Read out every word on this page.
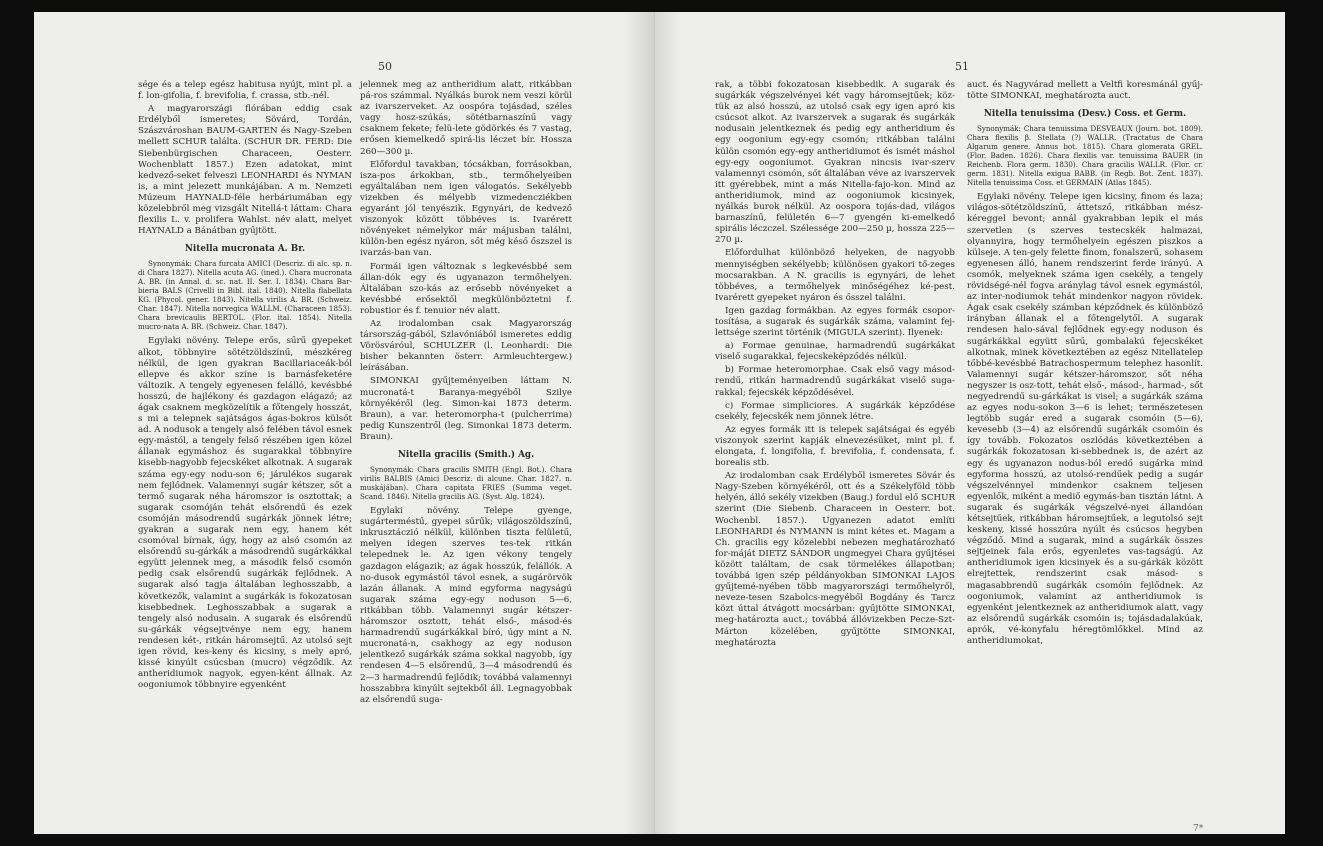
50

sége és a telep egész habitusa nyújt, mint pl. a f. lon-gifolia, f. brevifolia, f. crassa, stb.-nél.

A magyarországi flórában eddig csak Erdélyből ismeretes; Sövárd, Tordán, Szászvároshan BAUM-GARTEN és Nagy-Szeben mellett SCHUR találta. (SCHUR DR. FERD: Die Siebenbürgischen Characeen, Oesterr. Wochenblatt 1857.) Ezen adatokat, mint kedvező-seket felveszi LEONHARDI és NYMAN is, a mint jelezett munkájában. A m. Nemzeti Múzeum HAYNALD-féle herbáriumában egy közelebbről meg vizsgált Nitellá-t láttam: Chara flexilis L. v. prolifera Wahlst. név alatt, melyet HAYNALD a Bánátban gyűjtött.

Nitella mucronata A. Br.

Synonymák: Chara furcata AMICI (Descriz. di alc. sp. n. di Chara 1827). Nitella acuta AG. (ined.). Chara mucronata A. BR. (in Annal. d. sc. nat. II. Ser. I. 1834). Chara Bar-bieria BALS (Crivelli in Bibl. ital. 1840). Nitella flabellata KG. (Phycol. gener. 1843). Nitella virilis A. BR. (Schweiz. Char. 1847). Nitella norvegica WALLM. (Characeen 1853). Chara brevicaulis BERTOL. (Flor. ital. 1854). Nitella mucro-nata A. BR. (Schweiz. Char. 1847).

Egylaki növény. Telepe erős, sűrű gyepeket alkot, többnyire sötétzöldszínű, mészkéreg nélkül, de igen gyakran Bacillariaceák-ból ellepve és akkor színe is barnásfeketére változik. A tengely egyenesen felálló, kevésbbé hosszú, de hajlékony és gazdagon elágazó; az ágak csaknem megközelítik a főtengely hosszát, s mi a telepnek sajátságos ágas-bokros külsőt ad. A nodusok a tengely alsó felében távol esnek egy-mástól, a tengely felső részében igen közel állanak egymáshoz és sugarakkal többnyire kisebb-nagyobb fejecskéket alkotnak. A sugarak száma egy-egy nodu-son 6; járulékos sugarak nem fejlődnek. Valamennyi sugár kétszer, sőt a termő sugarak néha háromszor is osztottak; a sugarak csomóján tehát elsőrendű és ezek csomóján másodrendű sugárkák jönnek létre; gyakran a sugarak nem egy, hanem két csomóval bírnak, úgy, hogy az alsó csomón az elsőrendű su-gárkák a másodrendű sugárkákkal együtt jelennek meg, a második felső csomón pedig csak elsőrendű sugárkák fejlődnek. A sugarak alsó tagja általában leghosszabb, a következők, valamint a sugárkák is fokozatosan kisebbednek. Leghosszabbak a sugarak a tengely alsó nodusain. A sugarak és elsőrendű su-gárkák végsejtvénye nem egy, hanem rendesen két-, ritkán háromsejtű. Az utolsó sejt igen rövid, kes-keny és kicsiny, s mely apró, kissé kinyúlt csúcsban (mucro) végződik. Az antheridiumok nagyok, egyen-ként állnak. Az oogoniumok többnyire egyenként

jelennek meg az antheridium alatt, ritkábban pá-ros számmal. Nyálkás burok nem veszi körül az ivarszerveket. Az oospóra tojásdad, széles vagy hosz-szúkás, sötétbarnaszínű vagy csaknem fekete; felü-lete gödörkés és 7 vastag, erősen kiemelkedő spirá-lis léczet bír. Hossza 260—300 µ.

Előfordul tavakban, tócsákban, forrásokban, isza-pos árkokban, stb., termőhelyeiben egyáltalában nem igen válogatós. Sekélyebb vizekben és mélyebb vizmedencziékben egyaránt jól tenyészik. Egynyári, de kedvező viszonyok között többéves is. Ivarérett növényeket némelykor már májusban találni, külön-ben egész nyáron, sőt még késő őszszel is ivarzás-ban van.

Formái igen változnak s legkevésbbé sem állan-dók egy és ugyanazon termőhelyen. Általában szo-kás az erősebb növényeket a kevésbbé erősektől megkülönböztetni f. robustior és f. tenuior név alatt.

Az irodalomban csak Magyarország társország-gából, Szlavóniából ismeretes eddig Vörösváróul, SCHULZER (l. Leonhardi: Die bisher bekannten österr. Armleuchtergew.) leírásában.

SIMONKAI gyűjteményeiben láttam N. mucronatá-t Baranya-megyéből Szilye környékéről (leg. Simon-kai 1873 determ. Braun), a var. heteromorpha-t (pulcherrima) pedig Kunszentről (leg. Simonkai 1873 determ. Braun).

Nitella gracilis (Smith.) Ag.

Synonymák: Chara gracilis SMITH (Engl. Bot.). Chara virilis BALBIS (Amici Descriz. di alcune. Char. 1827. n. muskájában). Chara capitata FRIES (Summa veget. Scand. 1846). Nitella gracilis AG. (Syst. Alg. 1824).

Egylaki növény. Telepe gyenge, sugárterméstű, gyepei sűrűk; világoszöldszínű, inkrusztáczió nélkül, különben tiszta felületű, melyen idegen szerves tes-tek ritkán telepednek le. Az igen vékony tengely gazdagon elágazik; az ágak hosszúk, felállók. A no-dusok egymástól távol esnek, a sugárörvök lazán állanak. A mind egyforma nagyságú sugarak száma egy-egy noduson 5—6, ritkábban több. Valamennyi sugár kétszer-háromszor osztott, tehát első-, másod-és harmadrendű sugárkákkal bíró, úgy mint a N. mucronatá-n, csakhogy az egy noduson jelentkező sugárkák száma sokkal nagyobb, így rendesen 4—5 elsőrendű, 3—4 másodrendű és 2—3 harmadrendű fejlődik; továbbá valamennyi hosszabbra kinyúlt sejtekből áll. Legnagyobbak az elsőrendű suga-

51

rak, a többi fokozatosan kisebbedik. A sugarak és sugárkák végszelvényei két vagy háromsejtűek; köz-tük az alsó hosszú, az utolsó csak egy igen apró kis csúcsot alkot. Az ivarszervek a sugarak és sugárkák nodusain jelentkeznek és pedig egy antheridium és egy oogonium egy-egy csomón; ritkábban találni külön csomón egy-egy antheridiumot és ismét máshol egy-egy oogoniumot. Gyakran nincsis ivar-szerv valamennyi csomón, sőt általában véve az ivarszervek itt gyérebbek, mint a más Nitella-fajo-kon. Mind az antheridiumok, mind az oogoniumok kicsinyek, nyálkás burok nélkül. Az oospora tojás-dad, világos barnaszínű, felületén 6—7 gyengén ki-emelkedő spirális léczczel. Szélessége 200—250 µ, hossza 225—270 µ.

Előfordulhat különböző helyeken, de nagyobb mennyiségben sekélyebb; különösen gyakori tő-zeges mocsarakban. A N. gracilis is egynyári, de lehet többéves, a termőhelyek minőségéhez ké-pest. Ivarérett gyepeket nyáron és ősszel találni.

Igen gazdag formákban. Az egyes formák csopor-tosítása, a sugarak és sugárkák száma, valamint fej-lettsége szerint történik (MIGULA szerint). Ilyenek:

a) Formae genuinae, harmadrendű sugárkákat viselő sugarakkal, fejecskeképződés nélkül.

b) Formae heteromorphae. Csak első vagy másod-rendű, ritkán harmadrendű sugárkákat viselő suga-rakkal; fejecskék képződésével.

c) Formae simpliciores. A sugárkák képződése csekély, fejecskék nem jönnek létre.

Az egyes formák itt is telepek sajátságai és egyéb viszonyok szerint kapják elnevezésüket, mint pl. f. elongata, f. longifolia, f. brevifolia, f. condensata, f. borealis stb.

Az irodalomban csak Erdélyből ismeretes Sövár és Nagy-Szeben környékéről, ott és a Székelyföld több helyén, álló sekély vizekben (Baug.) fordul elő SCHUR szerint (Die Siebenb. Characeen in Oesterr. bot. Wochenbl. 1857.). Ugyanezen adatot említi LEONHARDI és NYMANN is mint kétes et. Magam a Ch. gracilis egy közelebbi nebezen meghatározható for-máját DIETZ SÁNDOR ungmegyei Chara gyűjtései között találtam, de csak törmelékes állapotban; továbbá igen szép példányokban SIMONKAI LAJOS gyűjtemé-nyében több magyarországi termőhelyről, neveze-tesen Szabolcs-megyéből Bogdány és Tarcz közt úttal átvágott mocsárban: gyűjtötte SIMONKAI, meg-határozta auct.; továbbá állóvizekben Pecze-Szt-Márton közelében, gyűjtötte SIMONKAI, meghatározta

auct. és Nagyvárad mellett a Veltfi koresmánál gyűj-tötte SIMONKAI, meghatározta auct.

Nitella tenuissima (Desv.) Coss. et Germ.

Synonymák: Chara tenuissima DESVEAUX (Journ. bot. 1809). Chara flexilis β. Stellata (?) WALLR. (Tractatus de Chara Algarum genere. Annus bot. 1815). Chara glomerata GREL. (Flor. Baden. 1826). Chara flexilis var. tenuissima BAUER (in Reichenb. Flora germ. 1830). Chara gracilis WALLR. (Flor. cr. germ. 1831). Nitella exigua BABB. (in Regb. Bot. Zent. 1837). Nitella tenuissima Coss. et GERMAIN (Atlas 1845).

Egylaki növény. Telepe igen kicsiny, finom és laza; világos-sötétzöldszínű, áttetsző, ritkábban mész-kéreggel bevont; annál gyakrabban lepik el más szervetlen (s szerves testecskék halmazai, olyannyira, hogy termőhelyein egészen piszkos a külseje. A ten-gely felette finom, fonalszerű, sohasem egyenesen álló, hanem rendszerint ferde irányú. A csomók, melyeknek száma igen csekély, a tengely rövidségé-nél fogva aránylag távol esnek egymástól, az inter-nodiumok tehát mindenkor nagyon rövidek. Ágak csak csekély számban képződnek és különböző irányban állanak el a főtengelytől. A sugarak rendesen halo-sával fejlődnek egy-egy noduson és sugárkákkal együtt sűrű, gombalakú fejecskéket alkotnak, minek következtében az egész Nitellatelep tőbbé-kevésbbé Batrachospermum telephez hasonlít. Valamennyi sugár kétszer-háromszor, sőt néha negyszer is osz-tott, tehát első-, másod-, harmad-, sőt negyedrendű su-gárkákat is visel; a sugárkák száma az egyes nodu-sokon 3—6 is lehet; természetesen legtöbb sugár ered a sugarak csomóin (5—6), kevesebb (3—4) az elsőrendű sugárkák csomóin és így tovább. Fokozatos oszlódás következtében a sugárkák fokozatosan ki-sebbednek is, de azért az egy és ugyanazon nodus-ból eredő sugárka mind egyforma hosszú, az utolsó-rendűek pedig a sugár végszelvénnyel mindenkor csaknem teljesen egyenlők, miként a mediő egymás-ban tisztán látni. A sugarak és sugárkák végszelvé-nyei állandóan kétsejtűek, ritkábban háromsejtűek, a legutolsó sejt keskeny, kissé hosszúra nyúlt és csúcsos hegyben végződő. Mind a sugarak, mind a sugárkák összes sejtjeinek fala erős, egyenletes vas-tagságú. Az antheridiumok igen kicsinyek és a su-gárkák között elrejtettek, rendszerint csak másod- s magasabbrendű sugárkák csomóin fejlődnek. Az oogoniumok, valamint az antheridiumok is egyenként jelentkeznek az antheridiumok alatt, vagy az elsőrendű sugárkák csomóin is; tojásdadalakúak, aprók, vé-konyfalu héregtömlőkkel. Mind az antheridiumokat,

7*
